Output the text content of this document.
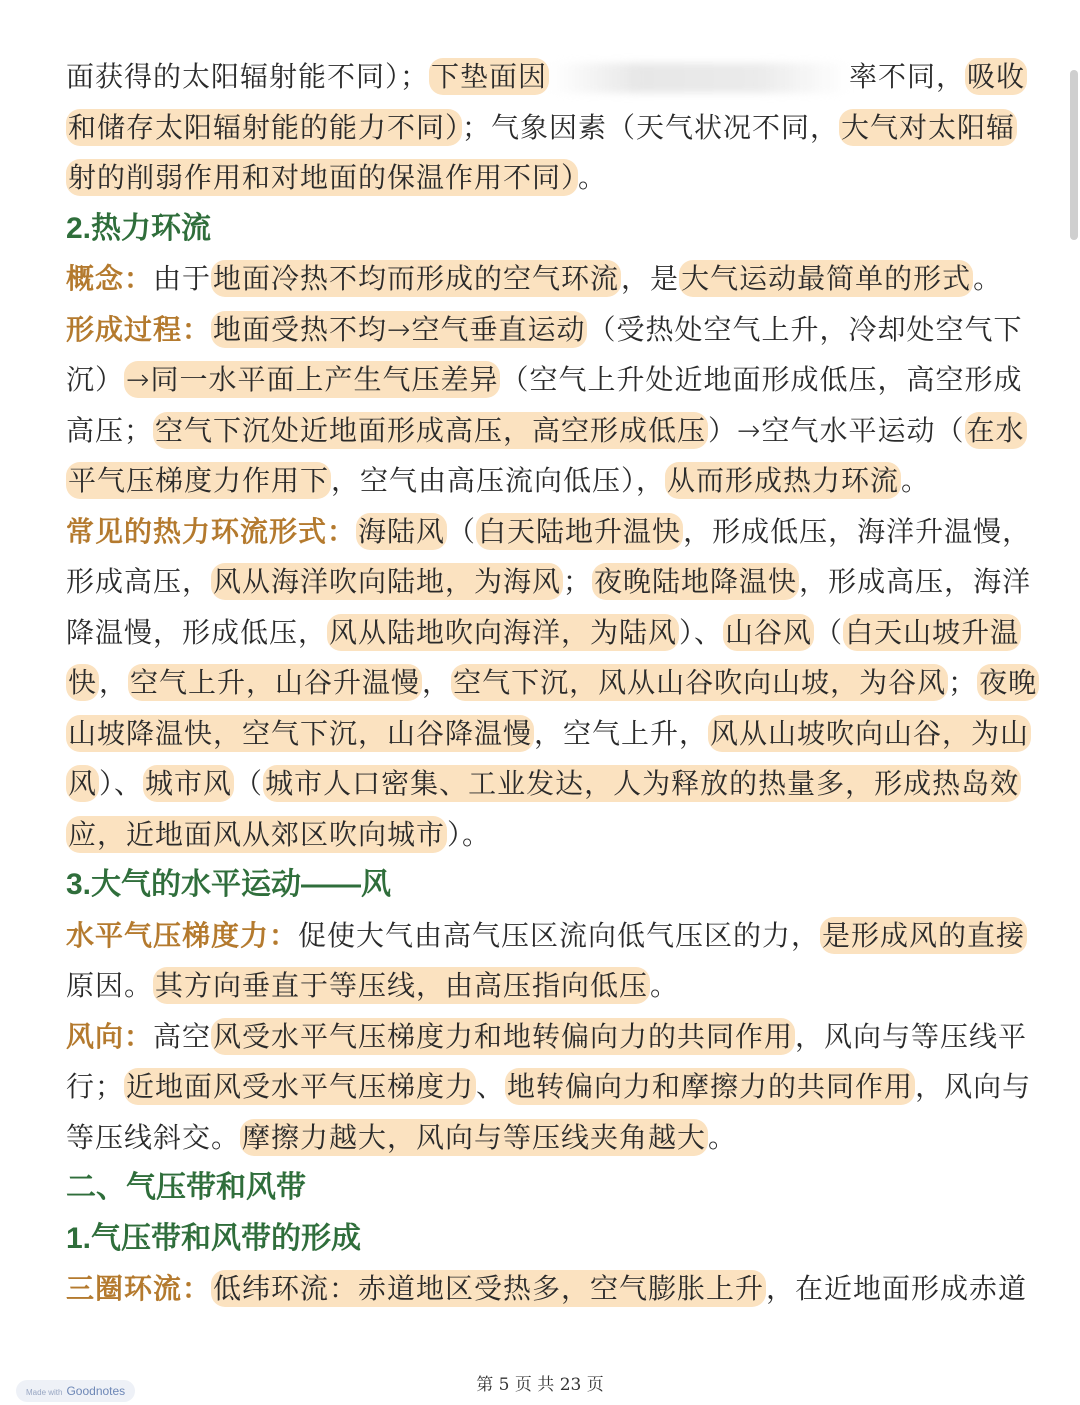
面获得的太阳辐射能不同）；下垫面因	率不同，吸收
和储存太阳辐射能的能力不同）；气象因素（天气状况不同，大气对太阳辐
射的削弱作用和对地面的保温作用不同）。
2.热力环流
概念：由于地面冷热不均而形成的空气环流，是大气运动最简单的形式。
形成过程：地面受热不均→空气垂直运动（受热处空气上升，冷却处空气下
沉）→同一水平面上产生气压差异（空气上升处近地面形成低压，高空形成
高压；空气下沉处近地面形成高压，高空形成低压）→空气水平运动（在水
平气压梯度力作用下，空气由高压流向低压），从而形成热力环流。
常见的热力环流形式：海陆风（白天陆地升温快，形成低压，海洋升温慢，
形成高压，风从海洋吹向陆地，为海风；夜晚陆地降温快，形成高压，海洋
降温慢，形成低压，风从陆地吹向海洋，为陆风）、山谷风（白天山坡升温
快，空气上升，山谷升温慢，空气下沉，风从山谷吹向山坡，为谷风；夜晚
山坡降温快，空气下沉，山谷降温慢，空气上升，风从山坡吹向山谷，为山
风）、城市风（城市人口密集、工业发达，人为释放的热量多，形成热岛效
应，近地面风从郊区吹向城市）。
3.大气的水平运动——风
水平气压梯度力：促使大气由高气压区流向低气压区的力，是形成风的直接
原因。其方向垂直于等压线，由高压指向低压。
风向：高空风受水平气压梯度力和地转偏向力的共同作用，风向与等压线平
行；近地面风受水平气压梯度力、地转偏向力和摩擦力的共同作用，风向与
等压线斜交。摩擦力越大，风向与等压线夹角越大。
二、气压带和风带
1.气压带和风带的形成
三圈环流：低纬环流：赤道地区受热多，空气膨胀上升，在近地面形成赤道
Made with Goodnotes	第 5 页 共 23 页
